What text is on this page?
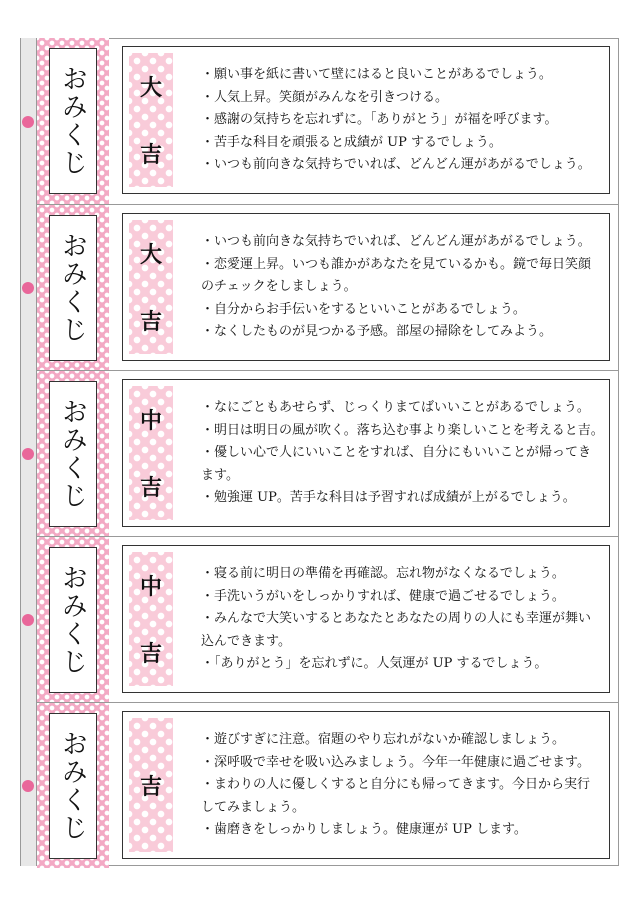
おみくじ 大
吉
・願い事を紙に書いて壁にはると良いことがあるでしょう。
・人気上昇。笑顔がみんなを引きつける。
・感謝の気持ちを忘れずに。「ありがとう」が福を呼びます。
・苦手な科目を頑張ると成績が UP するでしょう。
・いつも前向きな気持ちでいれば、どんどん運があがるでしょう。
おみくじ 大
吉
・いつも前向きな気持ちでいれば、どんどん運があがるでしょう。
・恋愛運上昇。いつも誰かがあなたを見ているかも。鏡で毎日笑顔
のチェックをしましょう。
・自分からお手伝いをするといいことがあるでしょう。
・なくしたものが見つかる予感。部屋の掃除をしてみよう。
おみくじ 中
吉
・なにごともあせらず、じっくりまてばいいことがあるでしょう。
・明日は明日の風が吹く。落ち込む事より楽しいことを考えると吉。
・優しい心で人にいいことをすれば、自分にもいいことが帰ってき
ます。
・勉強運 UP。苦手な科目は予習すれば成績が上がるでしょう。
おみくじ 中
吉
・寝る前に明日の準備を再確認。忘れ物がなくなるでしょう。
・手洗いうがいをしっかりすれば、健康で過ごせるでしょう。
・みんなで大笑いするとあなたとあなたの周りの人にも幸運が舞い
込んできます。
・「ありがとう」を忘れずに。人気運が UP するでしょう。
おみくじ 吉
・遊びすぎに注意。宿題のやり忘れがないか確認しましょう。
・深呼吸で幸せを吸い込みましょう。今年一年健康に過ごせます。
・まわりの人に優しくすると自分にも帰ってきます。今日から実行
してみましょう。
・歯磨きをしっかりしましょう。健康運が UP します。
